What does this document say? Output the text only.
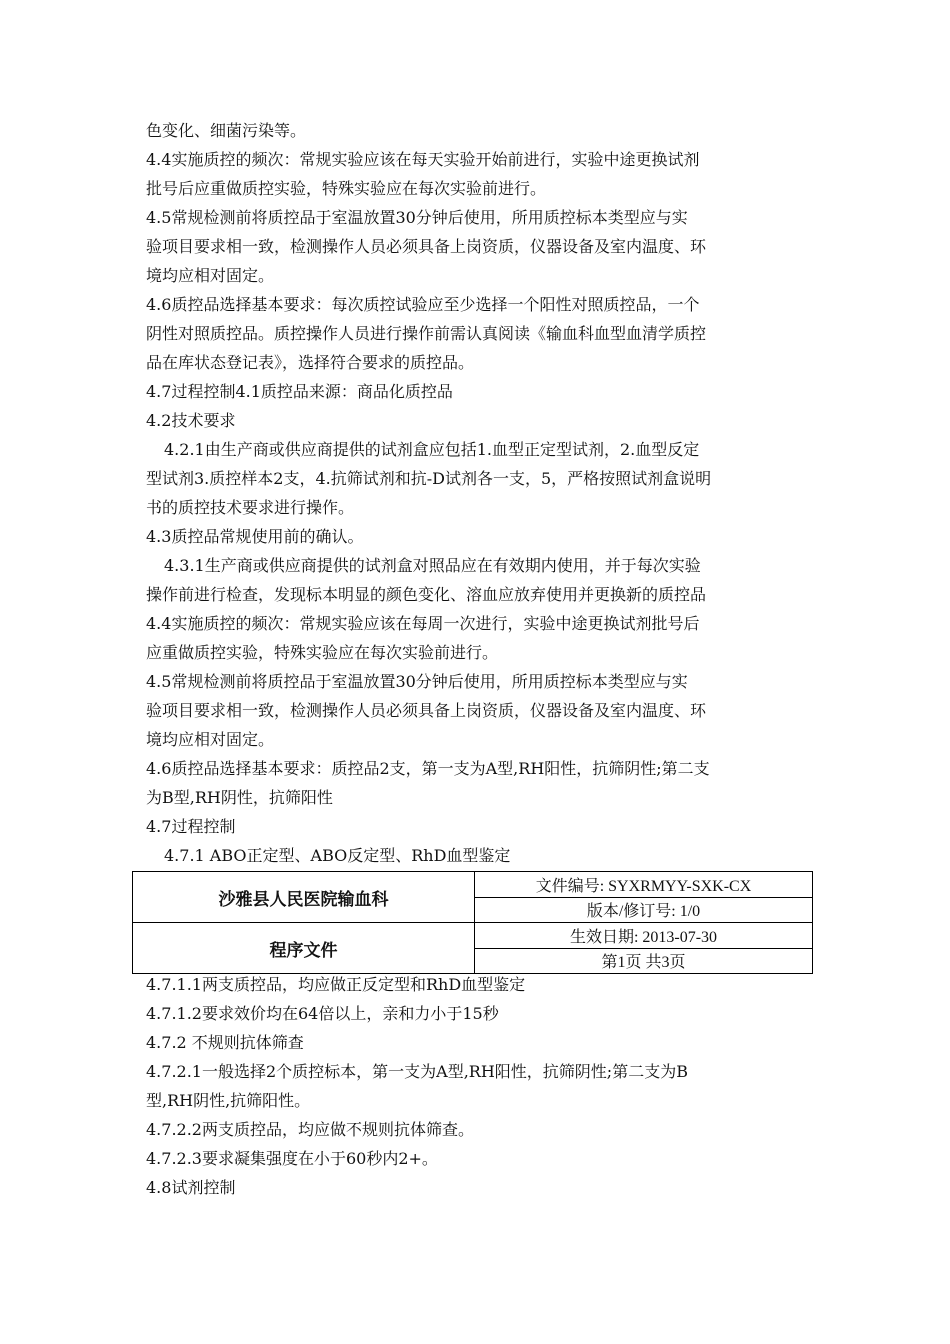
色变化、细菌污染等。
4.4实施质控的频次：常规实验应该在每天实验开始前进行，实验中途更换试剂
批号后应重做质控实验，特殊实验应在每次实验前进行。
4.5常规检测前将质控品于室温放置30分钟后使用，所用质控标本类型应与实
验项目要求相一致，检测操作人员必须具备上岗资质，仪器设备及室内温度、环
境均应相对固定。
4.6质控品选择基本要求：每次质控试验应至少选择一个阳性对照质控品，一个
阴性对照质控品。质控操作人员进行操作前需认真阅读《输血科血型血清学质控
品在库状态登记表》，选择符合要求的质控品。
4.7过程控制4.1质控品来源：商品化质控品
4.2技术要求
4.2.1由生产商或供应商提供的试剂盒应包括1.血型正定型试剂，2.血型反定
型试剂3.质控样本2支，4.抗筛试剂和抗-D试剂各一支，5，严格按照试剂盒说明
书的质控技术要求进行操作。
4.3质控品常规使用前的确认。
4.3.1生产商或供应商提供的试剂盒对照品应在有效期内使用，并于每次实验
操作前进行检查，发现标本明显的颜色变化、溶血应放弃使用并更换新的质控品
4.4实施质控的频次：常规实验应该在每周一次进行，实验中途更换试剂批号后
应重做质控实验，特殊实验应在每次实验前进行。
4.5常规检测前将质控品于室温放置30分钟后使用，所用质控标本类型应与实
验项目要求相一致，检测操作人员必须具备上岗资质，仪器设备及室内温度、环
境均应相对固定。
4.6质控品选择基本要求：质控品2支，第一支为A型,RH阳性，抗筛阴性;第二支
为B型,RH阴性，抗筛阳性
4.7过程控制
4.7.1 ABO正定型、ABO反定型、RhD血型鉴定
沙雅县人民医院输血科	文件编号: SYXRMYY-SXK-CX
	版本/修订号: 1/0
程序文件	生效日期: 2013-07-30
	第1页 共3页
4.7.1.1两支质控品，均应做正反定型和RhD血型鉴定
4.7.1.2要求效价均在64倍以上，亲和力小于15秒
4.7.2 不规则抗体筛查
4.7.2.1一般选择2个质控标本，第一支为A型,RH阳性，抗筛阴性;第二支为B
型,RH阴性,抗筛阳性。
4.7.2.2两支质控品，均应做不规则抗体筛查。
4.7.2.3要求凝集强度在小于60秒内2+。
4.8试剂控制
